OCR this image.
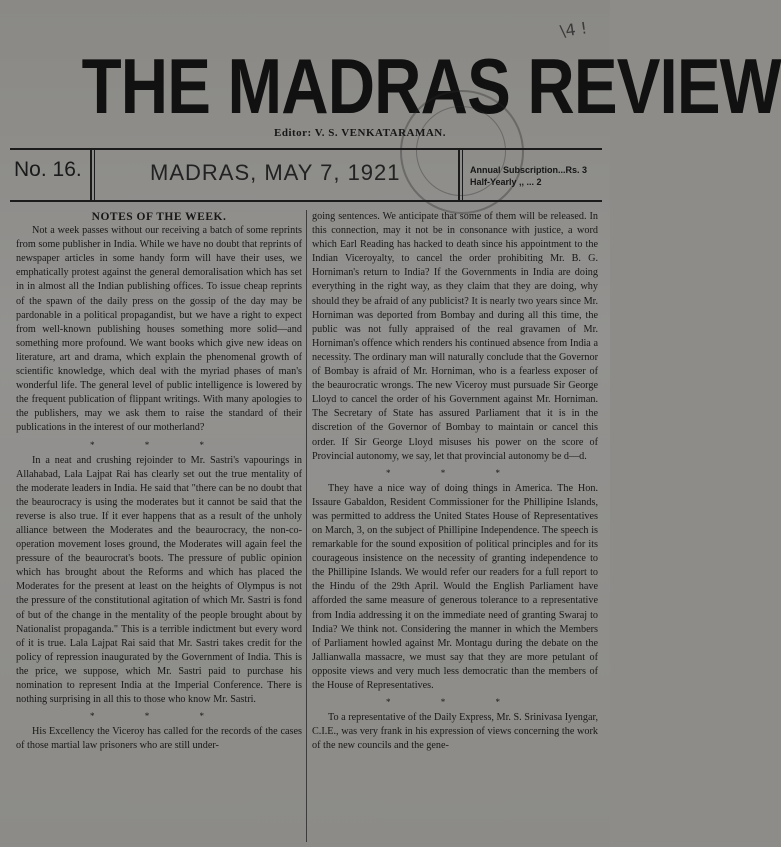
\4 !
THE MADRAS REVIEW
Editor: V. S. VENKATARAMAN.
No. 16.	MADRAS, MAY 7, 1921	Annual Subscription...Rs. 3
Half-Yearly ,, ... 2

NOTES OF THE WEEK.

Not a week passes without our receiving a batch of some reprints from some publisher in India. While we have no doubt that reprints of newspaper articles in some handy form will have their uses, we emphatically protest against the general demoralisation which has set in in almost all the Indian publishing offices. To issue cheap reprints of the spawn of the daily press on the gossip of the day may be pardonable in a political propagandist, but we have a right to expect from well-known publishing houses something more solid—and something more profound. We want books which give new ideas on literature, art and drama, which explain the phenomenal growth of scientific knowledge, which deal with the myriad phases of man's wonderful life. The general level of public intelligence is lowered by the frequent publication of flippant writings. With many apologies to the publishers, may we ask them to raise the standard of their publications in the interest of our motherland?

* * *

In a neat and crushing rejoinder to Mr. Sastri's vapourings in Allahabad, Lala Lajpat Rai has clearly set out the true mentality of the moderate leaders in India. He said that "there can be no doubt that the beaurocracy is using the moderates but it cannot be said that the reverse is also true. If it ever happens that as a result of the unholy alliance between the Moderates and the beaurocracy, the non-co-operation movement loses ground, the Moderates will again feel the pressure of the beaurocrat's boots. The pressure of public opinion which has brought about the Reforms and which has placed the Moderates for the present at least on the heights of Olympus is not the pressure of the constitutional agitation of which Mr. Sastri is fond of but of the change in the mentality of the people brought about by Nationalist propaganda." This is a terrible indictment but every word of it is true. Lala Lajpat Rai said that Mr. Sastri takes credit for the policy of repression inaugurated by the Government of India. This is the price, we suppose, which Mr. Sastri paid to purchase his nomination to represent India at the Imperial Conference. There is nothing surprising in all this to those who know Mr. Sastri.

* * *

His Excellency the Viceroy has called for the records of the cases of those martial law prisoners who are still under-

going sentences. We anticipate that some of them will be released. In this connection, may it not be in consonance with justice, a word which Earl Reading has hacked to death since his appointment to the Indian Viceroyalty, to cancel the order prohibiting Mr. B. G. Horniman's return to India? If the Governments in India are doing everything in the right way, as they claim that they are doing, why should they be afraid of any publicist? It is nearly two years since Mr. Horniman was deported from Bombay and during all this time, the public was not fully appraised of the real gravamen of Mr. Horniman's offence which renders his continued absence from India a necessity. The ordinary man will naturally conclude that the Governor of Bombay is afraid of Mr. Horniman, who is a fearless exposer of the beaurocratic wrongs. The new Viceroy must pursuade Sir George Lloyd to cancel the order of his Government against Mr. Horniman. The Secretary of State has assured Parliament that it is in the discretion of the Governor of Bombay to maintain or cancel this order. If Sir George Lloyd misuses his power on the score of Provincial autonomy, we say, let that provincial autonomy be d—d.

* * *

They have a nice way of doing things in America. The Hon. Issaure Gabaldon, Resident Commissioner for the Phillipine Islands, was permitted to address the United States House of Representatives on March, 3, on the subject of Phillipine Independence. The speech is remarkable for the sound exposition of political principles and for its courageous insistence on the necessity of granting independence to the Phillipine Islands. We would refer our readers for a full report to the Hindu of the 29th April. Would the English Parliament have afforded the same measure of generous tolerance to a representative from India addressing it on the immediate need of granting Swaraj to India? We think not. Considering the manner in which the Members of Parliament howled against Mr. Montagu during the debate on the Jallianwalla massacre, we must say that they are more petulant of opposite views and very much less democratic than the members of the House of Representatives.

* * *

To a representative of the Daily Express, Mr. S. Srinivasa Iyengar, C.I.E., was very frank in his expression of views concerning the work of the new councils and the gene-
